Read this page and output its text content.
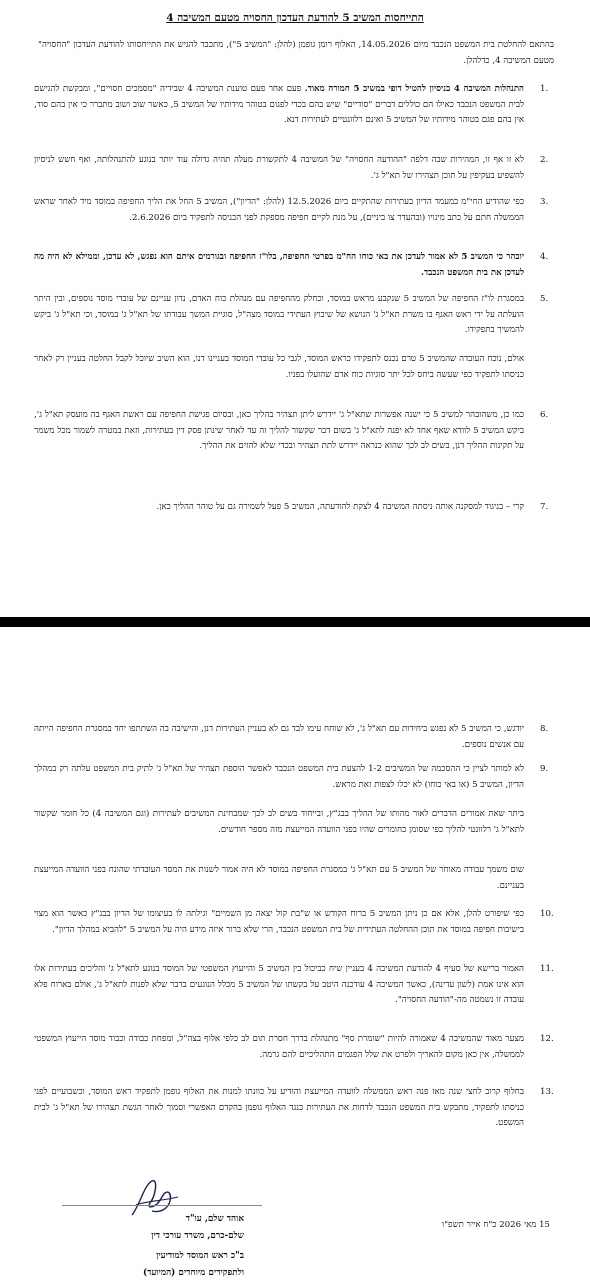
התייחסות המשיב 5 להודעת העדכון החסויה מטעם המשיבה 4
בהתאם להחלטת בית המשפט הנכבד מיום 14.05.2026, האלוף רומן גופמן (להלן: "המשיב 5"), מתכבד להגיש את התייחסותו להודעת העדכון "החסויה" מטעם המשיבה 4, כדלהלן.
.1
התנהלות המשיבה 4 בניסיון להטיל דופי במשיב 5 חמורה מאוד. פעם אחר פעם טוענת המשיבה 4 שבידיה "מסמכים חסויים", ומבקשת להגישם לבית המשפט הנכבד כאילו הם כוללים דברים "סודיים" שיש בהם בכדי לפגום בטוהר מידותיו של המשיב 5, כאשר שוב ושוב מתברר כי אין בהם סוד, אין בהם פגם בטוהר מידותיו של המשיב 5 ואינם רלוונטיים לעתירות דנא.
.2
לא זו אף זו, המהירות שבה דלפה "ההודעה החסויה" של המשיבה 4 לתקשורת מעלה תהיה גדולה עוד יותר בנוגע להתנהלותה, ואף חשש לניסיון להשפיע בעקיפין על תוכן תצהירו של תא"ל ג'.
.3
כפי שהודיע החי"מ במעמד הדיון בעתירות שהתקיים ביום 12.5.2026 (להלן: "הדיון"), המשיב 5 החל את הליך החפיפה במוסד מיד לאחר שראש הממשלה חתם על כתב מינויו (ובהעדר צו ביניים), על מנת לקיים חפיפה מספקת לפני הכניסה לתפקיד ביום 2.6.2026.
.4
יובהר כי המשיב 5 לא אמור לעדכן את באי כוחו הח"מ בפרטי החפיפה, בלו"ז החפיפה ובגורמים איתם הוא נפגש, לא עדכן, וממילא לא היה מה לעדכן את בית המשפט הנכבד.
.5
במסגרת לו"ז החפיפה של המשיב 5 שנקבע מראש במוסד, וכחלק מהחפיפה עם מנהלת כוח האדם, נדון עניינם של עובדי מוסד נוספים, ובין היתר הועלתה על ידי ראש האגף בו משרת תא"ל ג' הנושא של שיבוץ העתידי במוסד מצה"ל, סוגיית המשך עבודתו של תא"ל ג' במוסד, וכי תא"ל ג' ביקש להמשיך בתפקידו.
אולם, נוכח העובדה שהמשיב 5 טרם נכנס לתפקידו כראש המוסד, לגבי כל עובדי המוסד בעניינו דנו, הוא השיב שיוכל לקבל החלטה בעניין רק לאחר כניסתו לתפקיד כפי שעשה ביחס לכל יתר סוגיות כוח אדם שהועלו בפניו.
.6
כמו כן, משהובהר למשיב 5 כי ישנה אפשרות שתא"ל ג' יידרש ליתן תצהיר בהליך כאן, ובסיום פגישת החפיפה עם ראשת האגף בה מועסק תא"ל ג', ביקש המשיב 5 לוודא שאף אחד לא יפנה לתא"ל ג' בשום דבר שקשור להליך זה עד לאחר שינתן פסק דין בעתירות, וזאת במטרה לשמור מכל משמר על תקינות ההליך דנן, בשים לב לכך שהוא כנראה יידרש לתת תצהיר ובכדי שלא להזים את ההליך.
.7
קרי – בניגוד למסקנה אותה ניסתה המשיבה 4 לצקת להודעתה, המשיב 5 פעל לשמירה גם על טוהר ההליך כאן.
.8
יודגש, כי המשיב 5 לא נפגש ביחידות עם תא"ל ג', לא שוחח עימו לבד גם לא בעניין העתירות דנן, והישיבה בה השתתפו יחד במסגרת החפיפה הייתה עם אנשים נוספים.
.9
לא למותר לציין כי ההסכמה של המשיבים 1-2 להצעת בית המשפט הנכבד לאפשר הוספת תצהיר של תא"ל ג' לתיק בית המשפט עלתה רק במהלך הדיון, המשיב 5 (או באי כוחו) לא יכלו לצפות זאת מראש.
ביתר שאת אמורים הדברים לאור מהותו של ההליך בבג"ץ, ובייחוד בשים לב לכך שמבחינת המשיבים לעתירות (וגם המשיבה 4) כל חומר שקשור לתא"ל ג' רלוונטי להליך כפי שסומן כחומרים שהיו בפני הוועדה המייעצת מזה מספר חודשים.
שום משמך עבודה מאוחר של המשיב 5 עם תא"ל ג' במסגרת החפיפה במוסד לא היה אמור לשנות את המסד העובדתי שהונח בפני הוועדה המייעצת בעניינם.
.10
כפי שיפורט להלן, אלא אם כן ניתן המשיב 5 ברוח הקודש או ש"בת קול יצאה מן השמיים" וגילתה לו בעיצומו של הדיון בבג"ץ כאשר הוא מצוי בישיבות חפיפה במוסד את תוכן ההחלטה העתידית של בית המשפט הנכבד, הרי שלא ברור איזה מידע היה על המשיב 5 "להביא במהלך הדיון".
.11
האמור ברישא של סעיף 4 להודעת המשיבה 4 בעניין שיח כביכול בין המשיב 5 והייעוץ המשפטי של המוסד בנוגע לתא"ל ג' והליכים בעתירות אלו הוא אינו אמת (לשון עדינה), כאשר המשיבה 4 עודכנה היטב על בקשתו של המשיב 5 מכלל הנוגעים בדבר שלא לפנות לתא"ל ג', אולם בארוח פלא עובדה זו נשמטה מה-"הודעה החסויה".
.12
מצער מאוד שהמשיבה 4 שאמורה להיות "שומרת סף" מתנהלת בדרך חסרת תום לב כלפי אלוף בצה"ל, ומפחת כבודה וכבוד מוסד הייעוץ המשפטי לממשלה, אין כאן מקום להאריך ולפרט את שלל הפגמים התהליכיים להם גרמה.
.13
בחלוף קרוב לחצי שנה מאז פנה ראש הממשלה לוועדה המייעצת והודיע על כוונתו למנות את האלוף גופמן לתפקיד ראש המוסד, וכשבועיים לפני כניסתו לתפקיד, מתבקש בית המשפט הנכבד לדחות את העתירות כנגד האלוף גופמן בהקדם האפשרי וסמוך לאחר הגשת תצהירו של תא"ל ג' לבית המשפט.
15 מאי 2026 כ"ח אייר תשפ"ו
אוהד שלם, עו"ד
שלם-כרם, משרד עורכי דין
ב"כ ראש המוסד למודיעין
ולתפקידים מיוחדים (המיועד)
